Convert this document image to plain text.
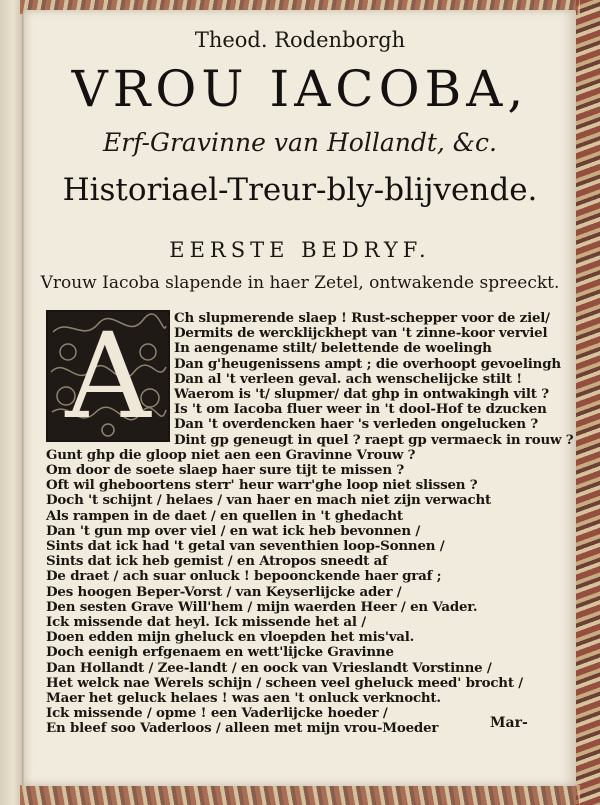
Theod. Rodenborgh
VROU IACOBA,
Erf-Gravinne van Hollandt, &c.
Historiael-Treur-bly-blijvende.
EERSTE BEDRYF.
Vrouw Iacoba slapende in haer Zetel, ontwakende spreeckt.
A	Ch slupmerende slaep ! Rust-schepper voor de ziel/
Dermits de wercklijckhept van 't zinne-koor verviel
In aengename stilt/ belettende de woelingh
Dan g'heugenissens ampt ; die overhoopt gevoelingh
Dan al 't verleen geval. ach wenschelijcke stilt !
Waerom is 't/ slupmer/ dat ghp in ontwakingh vilt ?
Is 't om Iacoba fluer weer in 't dool-Hof te dzucken
Dan 't overdencken haer 's verleden ongelucken ?
Dint gp geneugt in quel ? raept gp vermaeck in rouw ?
Gunt ghp die gloop niet aen een Gravinne Vrouw ?
Om door de soete slaep haer sure tijt te missen ?
Oft wil gheboortens sterr' heur warr'ghe loop niet slissen ?
Doch 't schijnt / helaes / van haer en mach niet zijn verwacht
Als rampen in de daet / en quellen in 't ghedacht
Dan 't gun mp over viel / en wat ick heb bevonnen /
Sints dat ick had 't getal van seventhien loop-Sonnen /
Sints dat ick heb gemist / en Atropos sneedt af
De draet / ach suar onluck ! bepoonckende haer graf ;
Des hoogen Beper-Vorst / van Keyserlijcke ader /
Den sesten Grave Will'hem / mijn waerden Heer / en Vader.
Ick missende dat heyl. Ick missende het al /
Doen edden mijn gheluck en vloepden het mis'val.
Doch eenigh erfgenaem en wett'lijcke Gravinne
Dan Hollandt / Zee-landt / en oock van Vrieslandt Vorstinne /
Het welck nae Werels schijn / scheen veel gheluck meed' brocht /
Maer het geluck helaes ! was aen 't onluck verknocht.
Ick missende / opme ! een Vaderlijcke hoeder /
En bleef soo Vaderloos / alleen met mijn vrou-Moeder	Mar-
